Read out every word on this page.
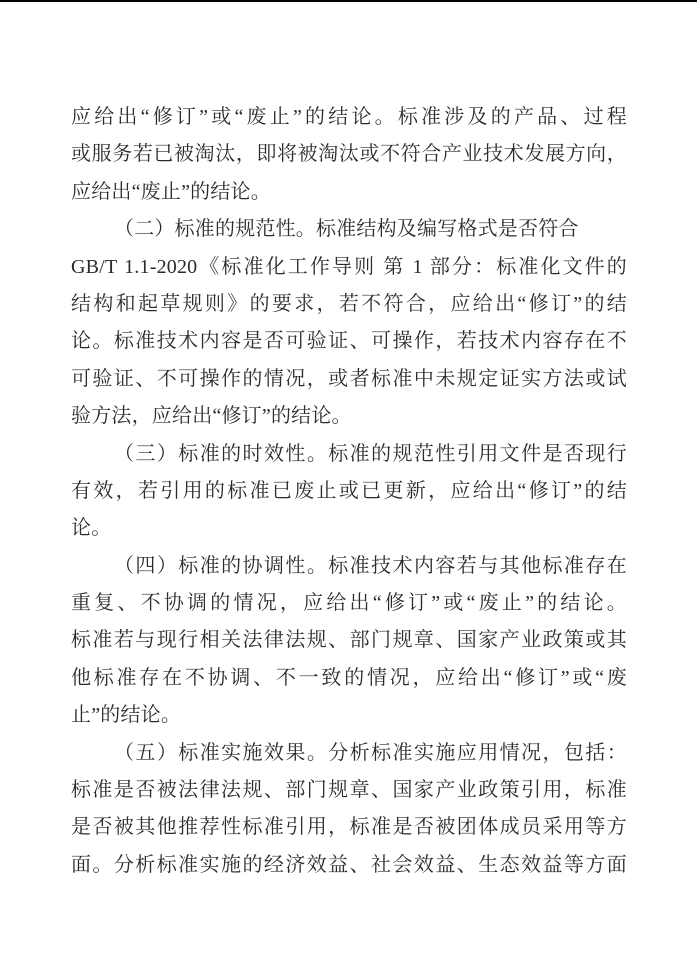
应给出“修订”或“废止”的结论。标准涉及的产品、过程
或服务若已被淘汰，即将被淘汰或不符合产业技术发展方向，
应给出“废止”的结论。
（二）标准的规范性。标准结构及编写格式是否符合
GB/T 1.1-2020《标准化工作导则 第 1 部分：标准化文件的
结构和起草规则》的要求，若不符合，应给出“修订”的结
论。标准技术内容是否可验证、可操作，若技术内容存在不
可验证、不可操作的情况，或者标准中未规定证实方法或试
验方法，应给出“修订”的结论。
（三）标准的时效性。标准的规范性引用文件是否现行
有效，若引用的标准已废止或已更新，应给出“修订”的结
论。
（四）标准的协调性。标准技术内容若与其他标准存在
重复、不协调的情况，应给出“修订”或“废止”的结论。
标准若与现行相关法律法规、部门规章、国家产业政策或其
他标准存在不协调、不一致的情况，应给出“修订”或“废
止”的结论。
（五）标准实施效果。分析标准实施应用情况，包括：
标准是否被法律法规、部门规章、国家产业政策引用，标准
是否被其他推荐性标准引用，标准是否被团体成员采用等方
面。分析标准实施的经济效益、社会效益、生态效益等方面
